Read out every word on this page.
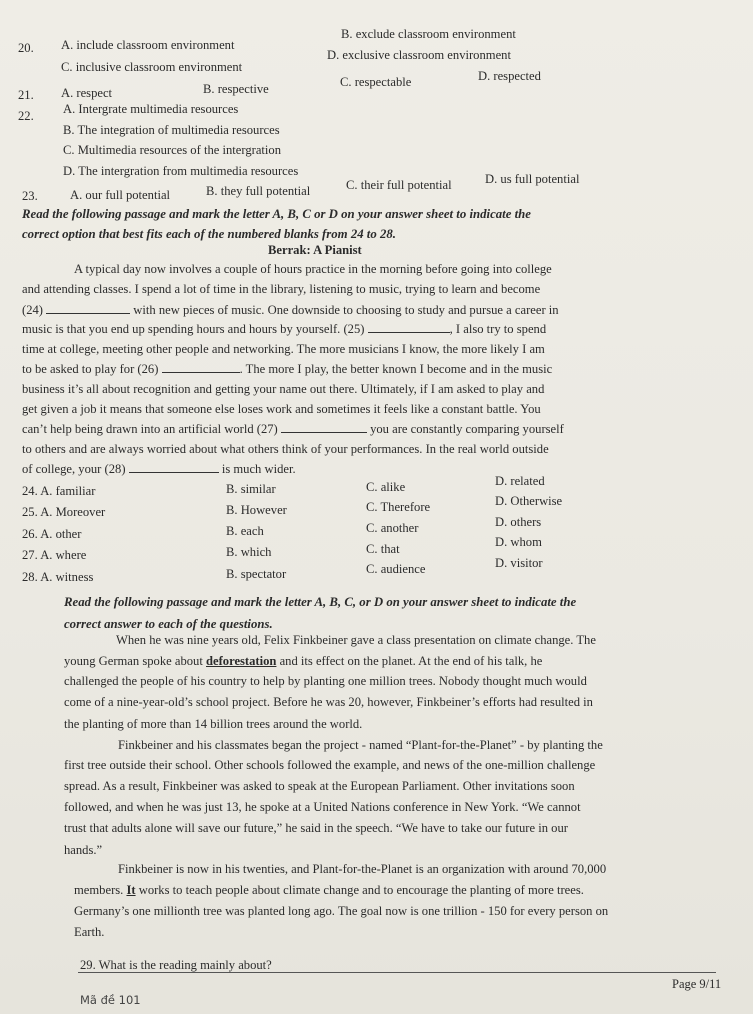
20. A. include classroom environment
B. exclude classroom environment
C. inclusive classroom environment
D. exclusive classroom environment
21. A. respect	B. respective	C. respectable	D. respected
22. A. Intergrate multimedia resources
B. The integration of multimedia resources
C. Multimedia resources of the intergration
D. The intergration from multimedia resources
23.	A. our full potential	B. they full potential	C. their full potential	D. us full potential
Read the following passage and mark the letter A, B, C or D on your answer sheet to indicate the
correct option that best fits each of the numbered blanks from 24 to 28.
Berrak: A Pianist
A typical day now involves a couple of hours practice in the morning before going into college
and attending classes. I spend a lot of time in the library, listening to music, trying to learn and become
(24)	with new pieces of music. One downside to choosing to study and pursue a career in
music is that you end up spending hours and hours by yourself. (25)	, I also try to spend
time at college, meeting other people and networking. The more musicians I know, the more likely I am
to be asked to play for (26)	. The more I play, the better known I become and in the music
business it’s all about recognition and getting your name out there. Ultimately, if I am asked to play and
get given a job it means that someone else loses work and sometimes it feels like a constant battle. You
can’t help being drawn into an artificial world (27)	you are constantly comparing yourself
to others and are always worried about what others think of your performances. In the real world outside
of college, your (28)	is much wider.
24. A. familiar	B. similar	C. alike	D. related
25. A. Moreover	B. However	C. Therefore	D. Otherwise
26. A. other	B. each	C. another	D. others
27. A. where	B. which	C. that	D. whom
28. A. witness	B. spectator	C. audience	D. visitor
Read the following passage and mark the letter A, B, C, or D on your answer sheet to indicate the
correct answer to each of the questions.
When he was nine years old, Felix Finkbeiner gave a class presentation on climate change. The
young German spoke about deforestation and its effect on the planet. At the end of his talk, he
challenged the people of his country to help by planting one million trees. Nobody thought much would
come of a nine-year-old’s school project. Before he was 20, however, Finkbeiner’s efforts had resulted in
the planting of more than 14 billion trees around the world.
Finkbeiner and his classmates began the project - named “Plant-for-the-Planet” - by planting the
first tree outside their school. Other schools followed the example, and news of the one-million challenge
spread. As a result, Finkbeiner was asked to speak at the European Parliament. Other invitations soon
followed, and when he was just 13, he spoke at a United Nations conference in New York. “We cannot
trust that adults alone will save our future,” he said in the speech. “We have to take our future in our
hands.”
Finkbeiner is now in his twenties, and Plant-for-the-Planet is an organization with around 70,000
members. It works to teach people about climate change and to encourage the planting of more trees.
Germany’s one millionth tree was planted long ago. The goal now is one trillion - 150 for every person on
Earth.
29. What is the reading mainly about?
Mã đề 101
Page 9/11
